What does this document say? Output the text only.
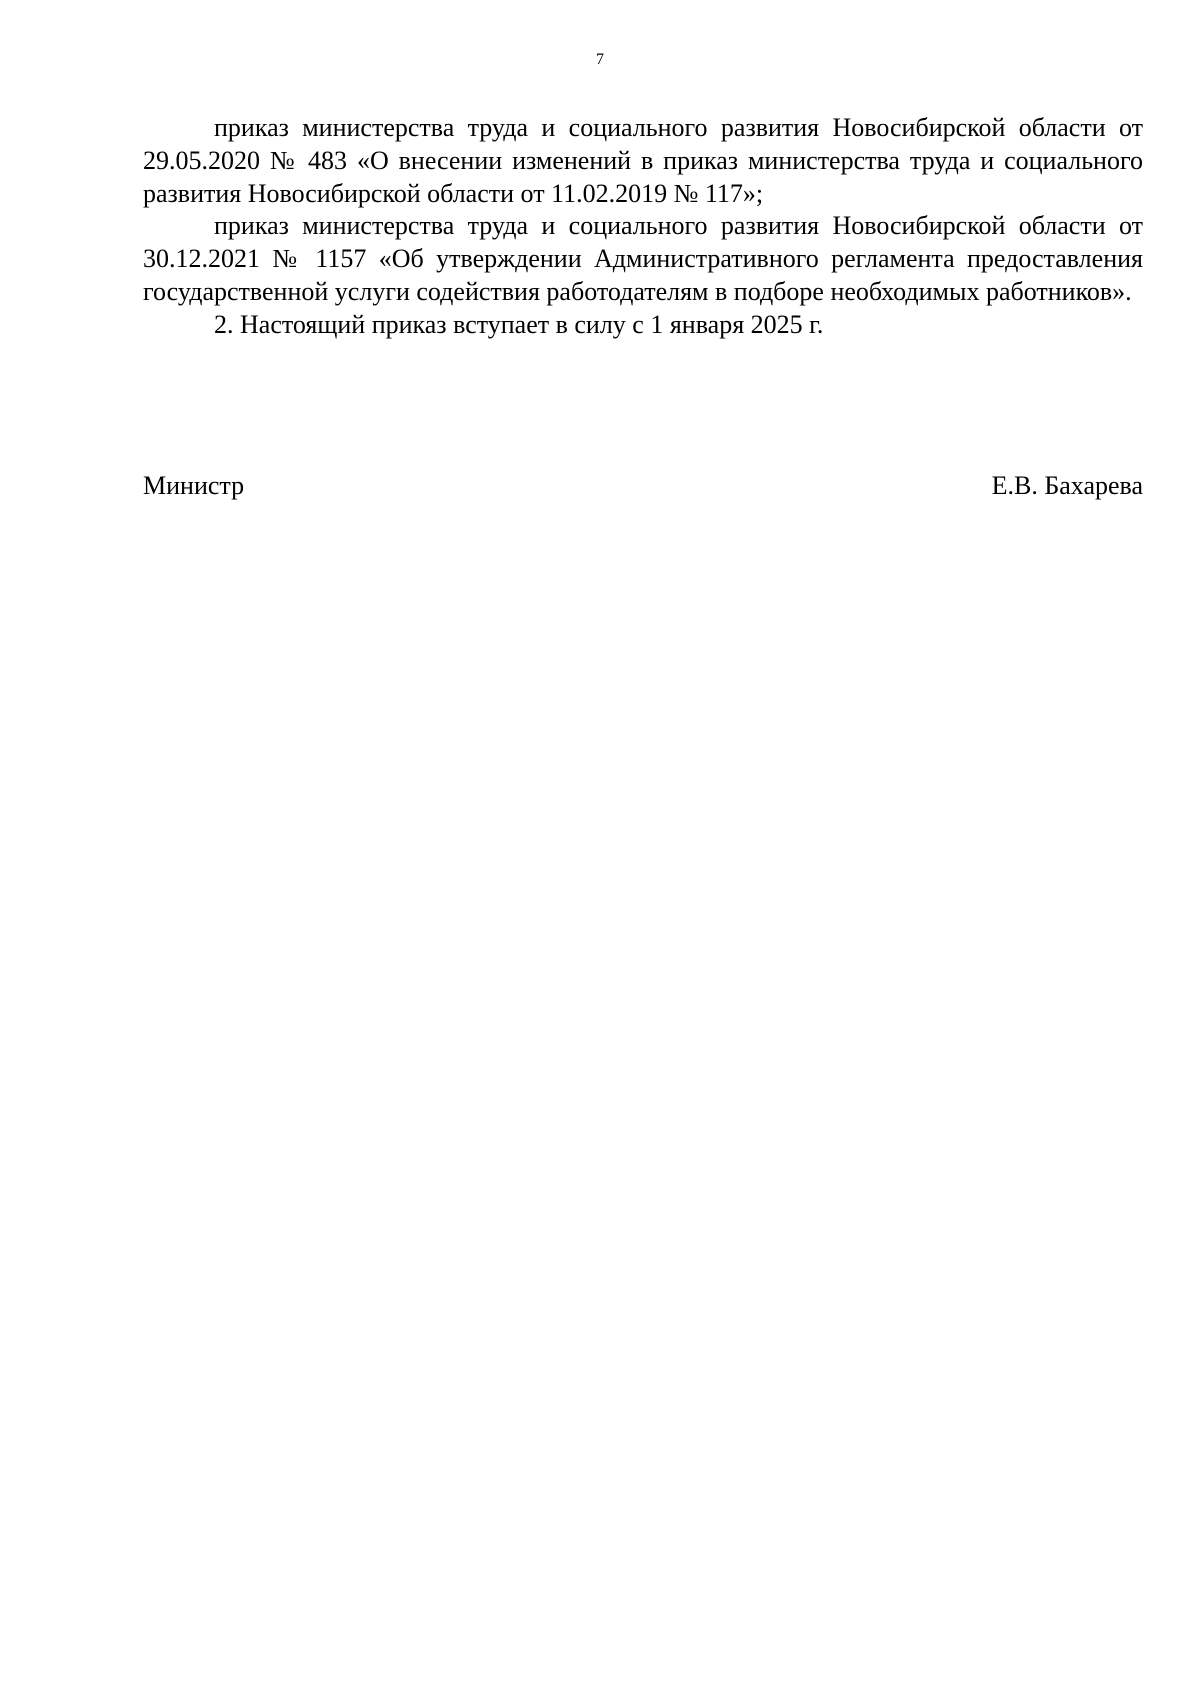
7

приказ министерства труда и социального развития Новосибирской области от 29.05.2020 № 483 «О внесении изменений в приказ министерства труда и социального развития Новосибирской области от 11.02.2019 № 117»;

приказ министерства труда и социального развития Новосибирской области от 30.12.2021 № 1157 «Об утверждении Административного регламента предоставления государственной услуги содействия работодателям в подборе необходимых работников».

2. Настоящий приказ вступает в силу с 1 января 2025 г.

Министр	Е.В. Бахарева
